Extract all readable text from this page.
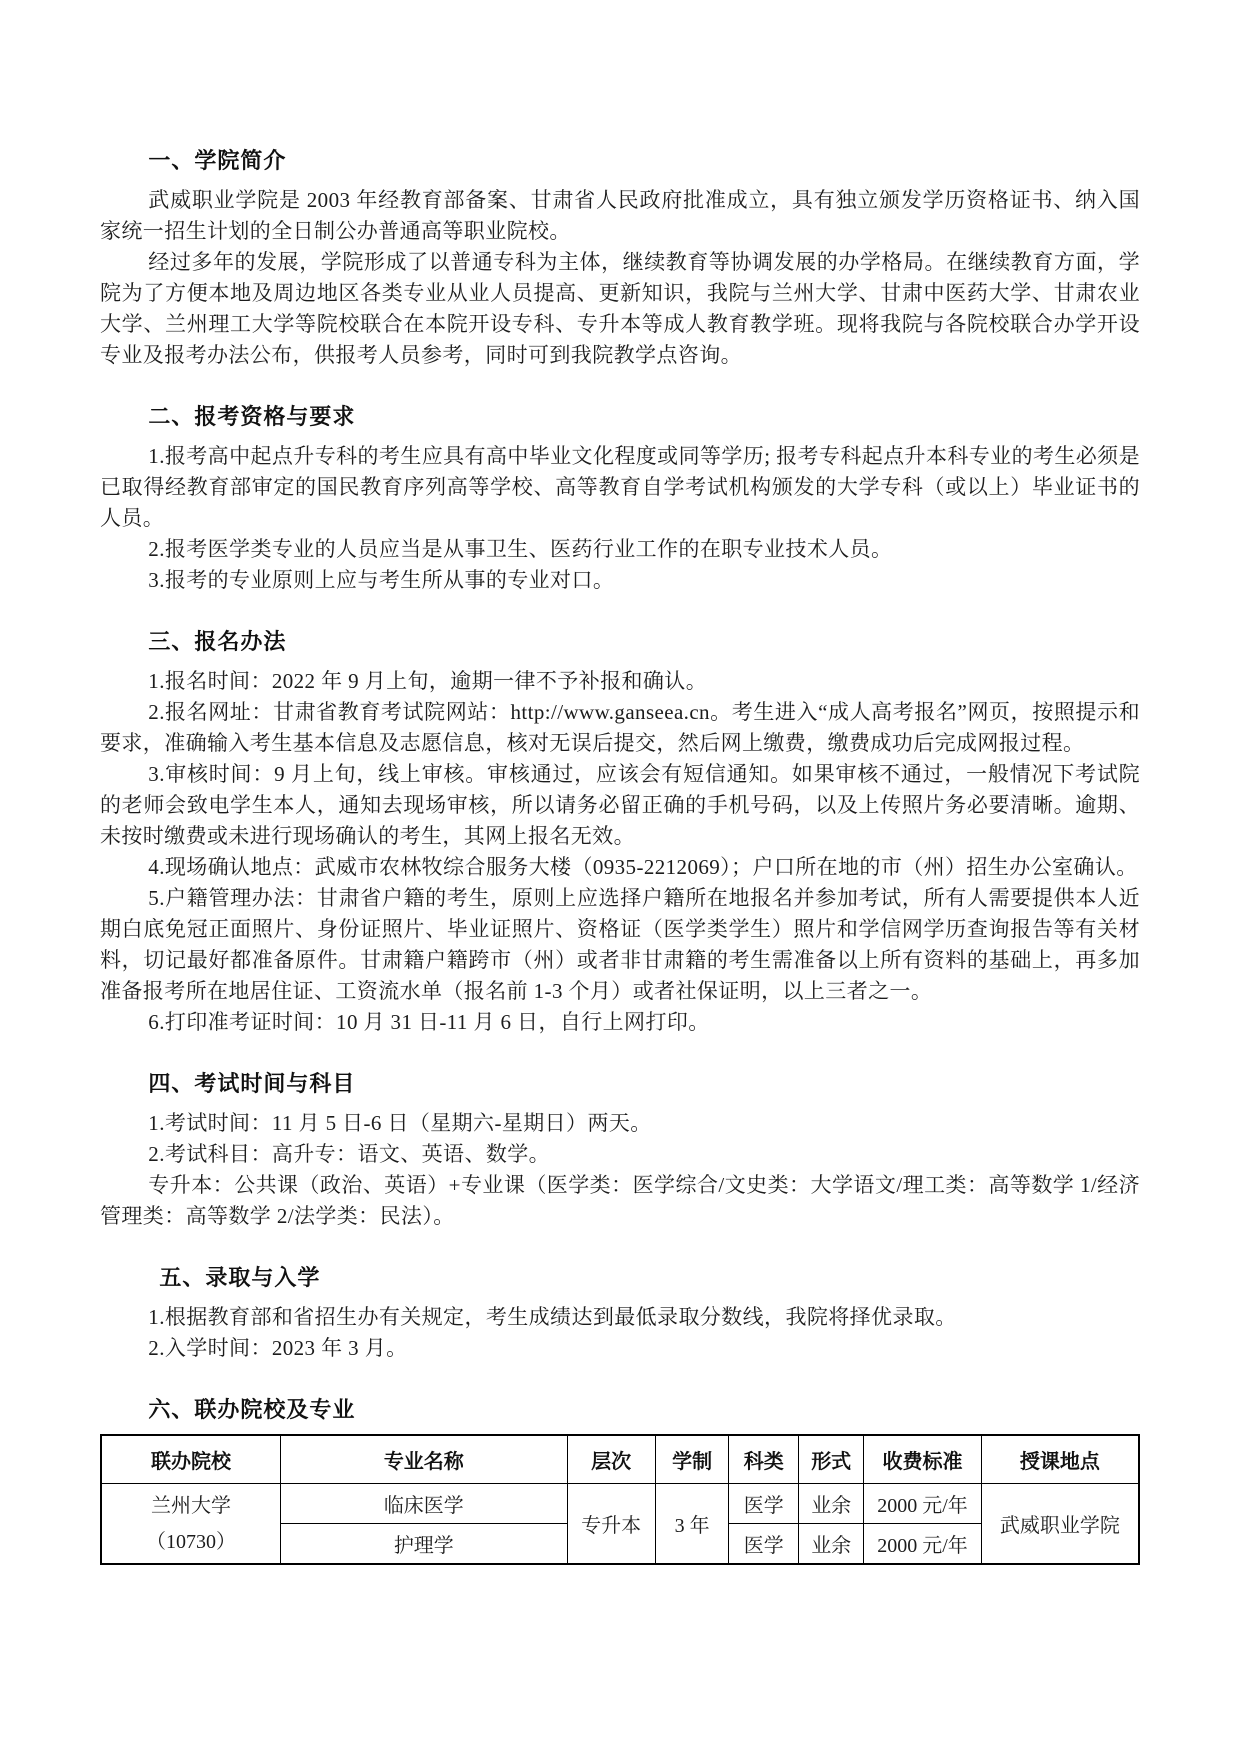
一、学院简介

武威职业学院是 2003 年经教育部备案、甘肃省人民政府批准成立，具有独立颁发学历资格证书、纳入国家统一招生计划的全日制公办普通高等职业院校。

经过多年的发展，学院形成了以普通专科为主体，继续教育等协调发展的办学格局。在继续教育方面，学院为了方便本地及周边地区各类专业从业人员提高、更新知识，我院与兰州大学、甘肃中医药大学、甘肃农业大学、兰州理工大学等院校联合在本院开设专科、专升本等成人教育教学班。现将我院与各院校联合办学开设专业及报考办法公布，供报考人员参考，同时可到我院教学点咨询。

二、报考资格与要求

1.报考高中起点升专科的考生应具有高中毕业文化程度或同等学历; 报考专科起点升本科专业的考生必须是已取得经教育部审定的国民教育序列高等学校、高等教育自学考试机构颁发的大学专科（或以上）毕业证书的人员。

2.报考医学类专业的人员应当是从事卫生、医药行业工作的在职专业技术人员。

3.报考的专业原则上应与考生所从事的专业对口。

三、报名办法

1.报名时间：2022 年 9 月上旬，逾期一律不予补报和确认。

2.报名网址：甘肃省教育考试院网站：http://www.ganseea.cn。考生进入“成人高考报名”网页，按照提示和要求，准确输入考生基本信息及志愿信息，核对无误后提交，然后网上缴费，缴费成功后完成网报过程。

3.审核时间：9 月上旬，线上审核。审核通过，应该会有短信通知。如果审核不通过，一般情况下考试院的老师会致电学生本人，通知去现场审核，所以请务必留正确的手机号码，以及上传照片务必要清晰。逾期、未按时缴费或未进行现场确认的考生，其网上报名无效。

4.现场确认地点：武威市农林牧综合服务大楼（0935-2212069）；户口所在地的市（州）招生办公室确认。

5.户籍管理办法：甘肃省户籍的考生，原则上应选择户籍所在地报名并参加考试，所有人需要提供本人近期白底免冠正面照片、身份证照片、毕业证照片、资格证（医学类学生）照片和学信网学历查询报告等有关材料，切记最好都准备原件。甘肃籍户籍跨市（州）或者非甘肃籍的考生需准备以上所有资料的基础上，再多加准备报考所在地居住证、工资流水单（报名前 1-3 个月）或者社保证明，以上三者之一。

6.打印准考证时间：10 月 31 日-11 月 6 日，自行上网打印。

四、考试时间与科目

1.考试时间：11 月 5 日-6 日（星期六-星期日）两天。

2.考试科目：高升专：语文、英语、数学。

专升本：公共课（政治、英语）+专业课（医学类：医学综合/文史类：大学语文/理工类：高等数学 1/经济管理类：高等数学 2/法学类：民法）。

五、录取与入学

1.根据教育部和省招生办有关规定，考生成绩达到最低录取分数线，我院将择优录取。

2.入学时间：2023 年 3 月。

六、联办院校及专业
联办院校	专业名称	层次	学制	科类	形式	收费标准	授课地点

兰州大学
（10730）	临床医学	专升本	3 年	医学	业余	2000 元/年	武威职业学院
	护理学			医学	业余	2000 元/年	
